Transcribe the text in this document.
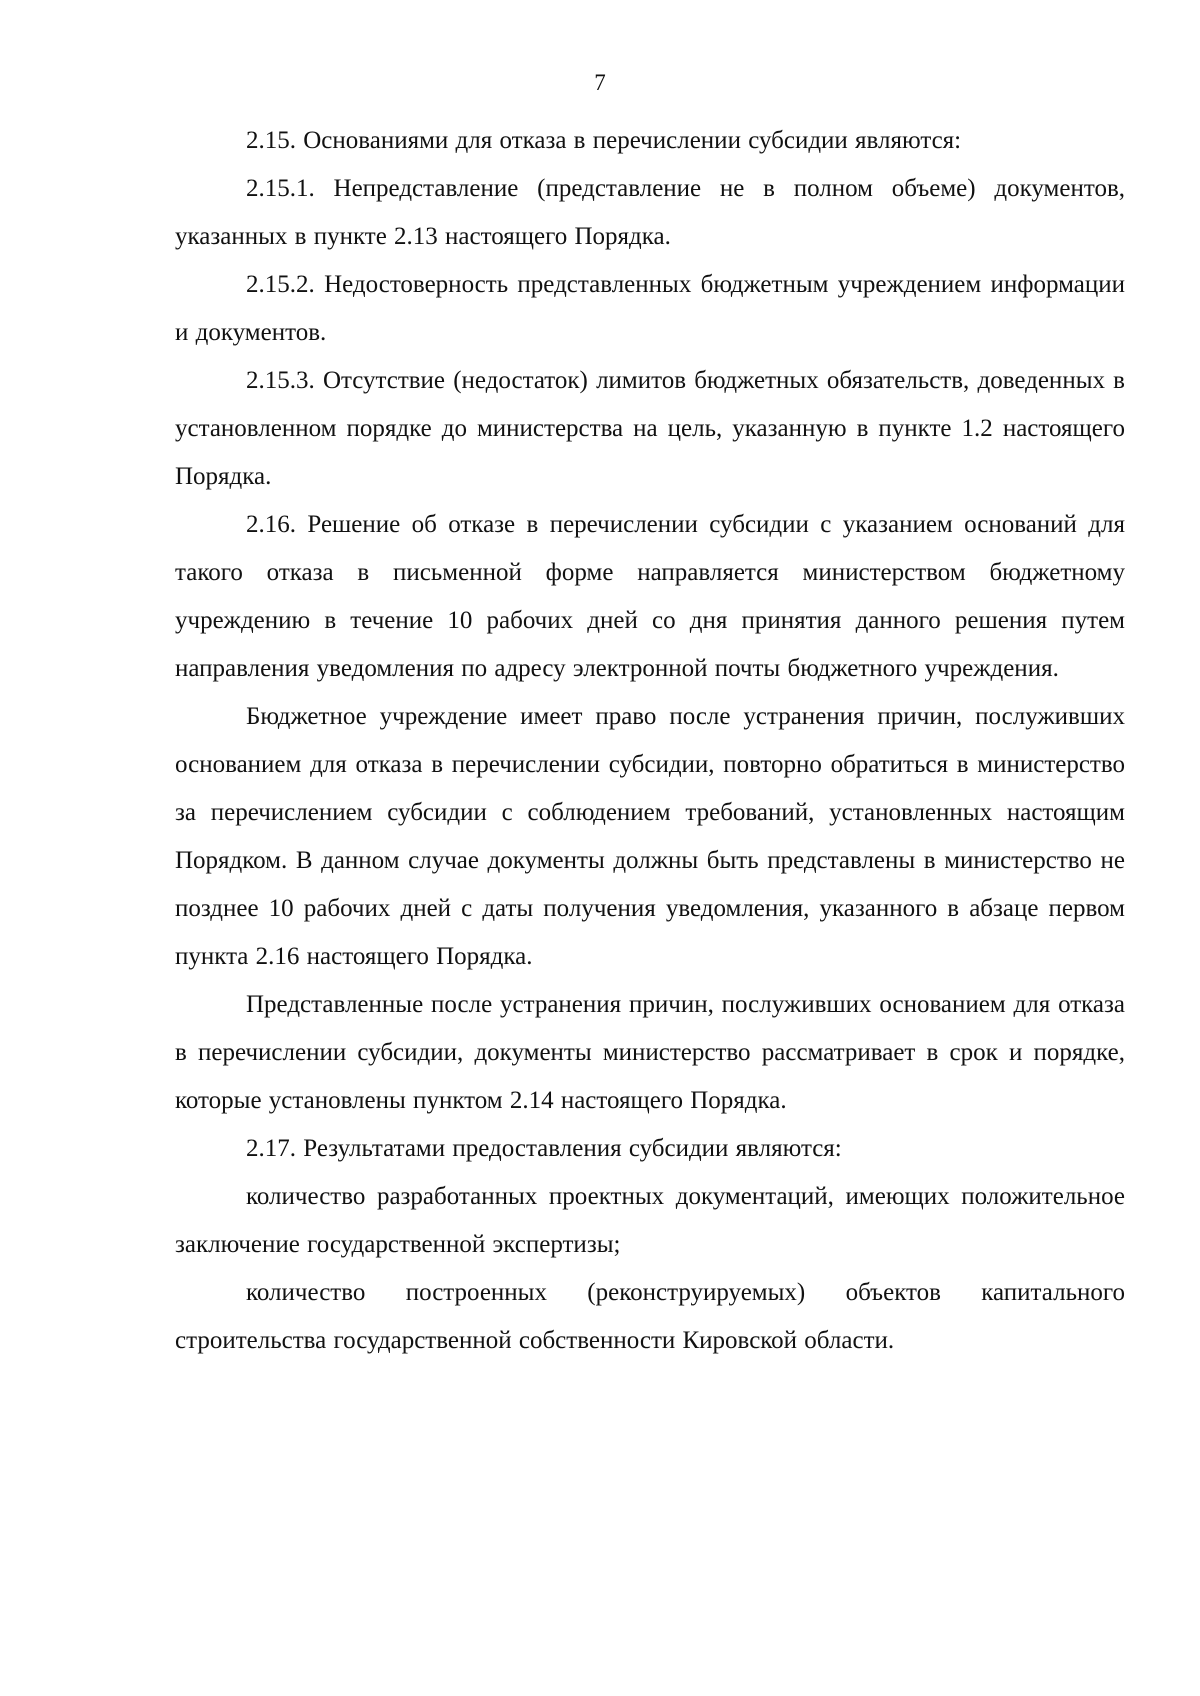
7

2.15. Основаниями для отказа в перечислении субсидии являются:

2.15.1. Непредставление (представление не в полном объеме) документов, указанных в пункте 2.13 настоящего Порядка.

2.15.2. Недостоверность представленных бюджетным учреждением информации и документов.

2.15.3. Отсутствие (недостаток) лимитов бюджетных обязательств, доведенных в установленном порядке до министерства на цель, указанную в пункте 1.2 настоящего Порядка.

2.16. Решение об отказе в перечислении субсидии с указанием оснований для такого отказа в письменной форме направляется министерством бюджетному учреждению в течение 10 рабочих дней со дня принятия данного решения путем направления уведомления по адресу электронной почты бюджетного учреждения.

Бюджетное учреждение имеет право после устранения причин, послуживших основанием для отказа в перечислении субсидии, повторно обратиться в министерство за перечислением субсидии с соблюдением требований, установленных настоящим Порядком. В данном случае документы должны быть представлены в министерство не позднее 10 рабочих дней с даты получения уведомления, указанного в абзаце первом пункта 2.16 настоящего Порядка.

Представленные после устранения причин, послуживших основанием для отказа в перечислении субсидии, документы министерство рассматривает в срок и порядке, которые установлены пунктом 2.14 настоящего Порядка.

2.17. Результатами предоставления субсидии являются:

количество разработанных проектных документаций, имеющих положительное заключение государственной экспертизы;

количество построенных (реконструируемых) объектов капитального строительства государственной собственности Кировской области.
